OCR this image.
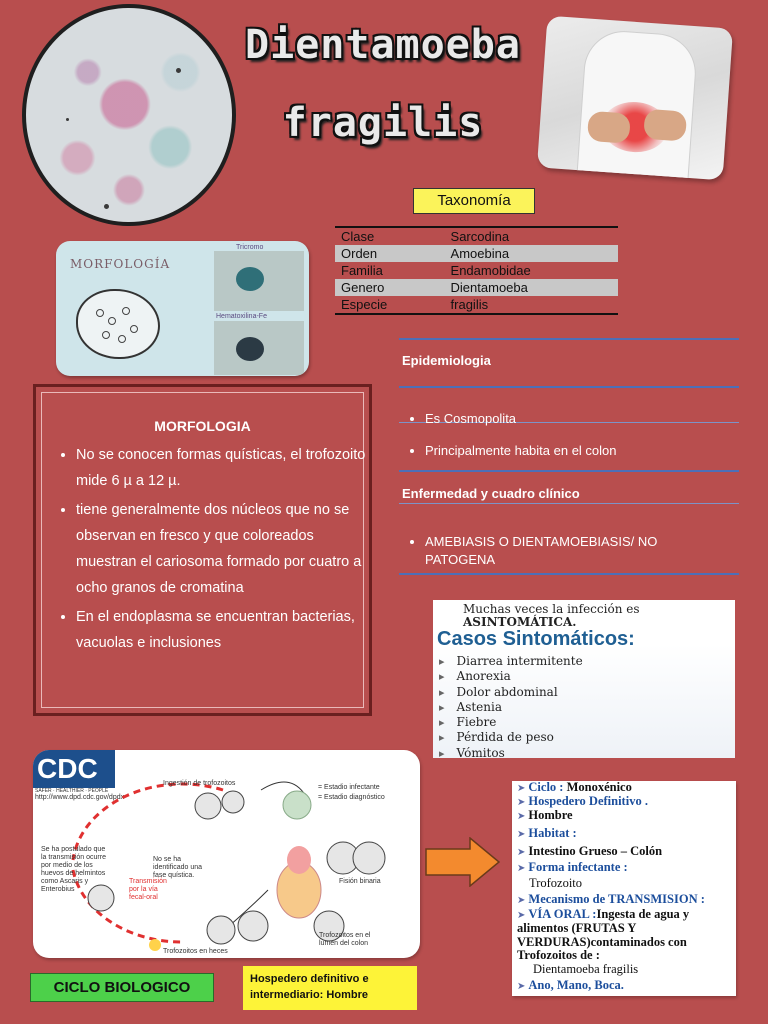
Dientamoeba
fragilis
Taxonomía
Clase	Sarcodina
Orden	Amoebina
Familia	Endamobidae
Genero	Dientamoeba
Especie	fragilis
MORFOLOGÍA
Tricromo
Hematoxilina-Fe
MORFOLOGIA
• No se conocen formas quísticas, el trofozoito mide 6 µ a 12 µ.
• tiene generalmente dos núcleos que no se observan en fresco y que coloreados muestran el cariosoma formado por cuatro a ocho granos de cromatina
• En el endoplasma se encuentran bacterias, vacuolas e inclusiones
Epidemiologia
• Es Cosmopolita
• Principalmente habita en el colon
Enfermedad y cuadro clínico
• AMEBIASIS O DIENTAMOEBIASIS/ NO PATOGENA
Muchas veces la infección es
ASINTOMÁTICA.
Casos Sintomáticos:
▸ Diarrea intermitente
▸ Anorexia
▸ Dolor abdominal
▸ Astenia
▸ Fiebre
▸ Pérdida de peso
▸ Vómitos
CDC
SAFER · HEALTHIER · PEOPLE
http://www.dpd.cdc.gov/dpdx
Ingestión de trofozoitos
= Estadio infectante
= Estadio diagnóstico
Se ha postulado que la transmisión ocurre por medio de los huevos de helmintos como Ascaris y Enterobius
No se ha identificado una fase quística.
Transmisión por la vía fecal-oral
Fisión binaria
Trofozoitos en el lumen del colon
Trofozoitos en heces
➤ Ciclo : Monoxénico
➤ Hospedero Definitivo .
➤ Hombre
➤ Habitat :
➤ Intestino Grueso – Colón
➤ Forma infectante :
Trofozoito
➤ Mecanismo de TRANSMISION :
➤ VÍA ORAL :Ingesta de agua y alimentos (FRUTAS Y VERDURAS)contaminados con Trofozoitos de :
Dientamoeba fragilis
➤ Ano, Mano, Boca.
CICLO BIOLOGICO	Hospedero definitivo e intermediario: Hombre
